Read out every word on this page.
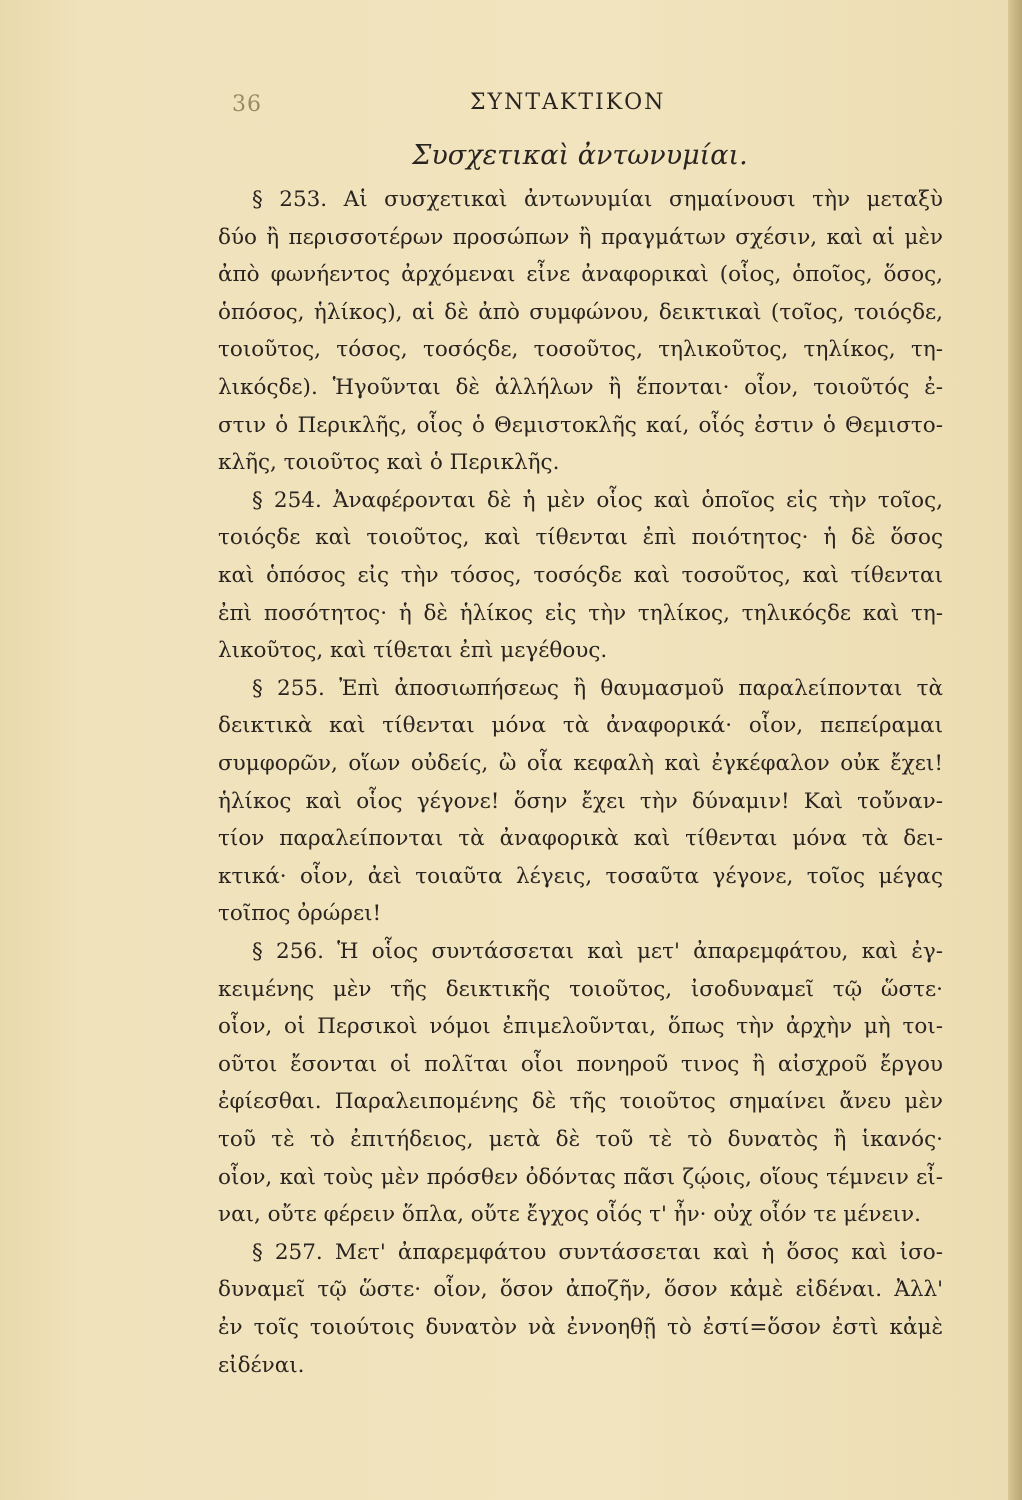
36	ΣΥΝΤΑΚΤΙΚΟΝ
Συσχετικαὶ ἀντωνυμίαι.
§ 253. Αἱ συσχετικαὶ ἀντωνυμίαι σημαίνουσι τὴν μεταξὺ
δύο ἢ περισσοτέρων προσώπων ἢ πραγμάτων σχέσιν, καὶ αἱ μὲν
ἀπὸ φωνήεντος ἀρχόμεναι εἶνε ἀναφορικαὶ (οἷος, ὁποῖος, ὅσος,
ὁπόσος, ἡλίκος), αἱ δὲ ἀπὸ συμφώνου, δεικτικαὶ (τοῖος, τοιόςδε,
τοιοῦτος, τόσος, τοσόςδε, τοσοῦτος, τηλικοῦτος, τηλίκος, τη-
λικόςδε). Ἡγοῦνται δὲ ἀλλήλων ἢ ἕπονται· οἷον, τοιοῦτός ἐ-
στιν ὁ Περικλῆς, οἷος ὁ Θεμιστοκλῆς καί, οἷός ἐστιν ὁ Θεμιστο-
κλῆς, τοιοῦτος καὶ ὁ Περικλῆς.
§ 254. Ἀναφέρονται δὲ ἡ μὲν οἷος καὶ ὁποῖος εἰς τὴν τοῖος,
τοιόςδε καὶ τοιοῦτος, καὶ τίθενται ἐπὶ ποιότητος· ἡ δὲ ὅσος
καὶ ὁπόσος εἰς τὴν τόσος, τοσόςδε καὶ τοσοῦτος, καὶ τίθενται
ἐπὶ ποσότητος· ἡ δὲ ἡλίκος εἰς τὴν τηλίκος, τηλικόςδε καὶ τη-
λικοῦτος, καὶ τίθεται ἐπὶ μεγέθους.
§ 255. Ἐπὶ ἀποσιωπήσεως ἢ θαυμασμοῦ παραλείπονται τὰ
δεικτικὰ καὶ τίθενται μόνα τὰ ἀναφορικά· οἷον, πεπείραμαι
συμφορῶν, οἵων οὐδείς, ὢ οἷα κεφαλὴ καὶ ἐγκέφαλον οὐκ ἔχει!
ἡλίκος καὶ οἷος γέγονε! ὅσην ἔχει τὴν δύναμιν! Καὶ τοὔναν-
τίον παραλείπονται τὰ ἀναφορικὰ καὶ τίθενται μόνα τὰ δει-
κτικά· οἷον, ἀεὶ τοιαῦτα λέγεις, τοσαῦτα γέγονε, τοῖος μέγας
τοῖπος ὀρώρει!
§ 256. Ἡ οἷος συντάσσεται καὶ μετ' ἀπαρεμφάτου, καὶ ἐγ-
κειμένης μὲν τῆς δεικτικῆς τοιοῦτος, ἰσοδυναμεῖ τῷ ὥστε·
οἷον, οἱ Περσικοὶ νόμοι ἐπιμελοῦνται, ὅπως τὴν ἀρχὴν μὴ τοι-
οῦτοι ἔσονται οἱ πολῖται οἷοι πονηροῦ τινος ἢ αἰσχροῦ ἔργου
ἐφίεσθαι. Παραλειπομένης δὲ τῆς τοιοῦτος σημαίνει ἄνευ μὲν
τοῦ τὲ τὸ ἐπιτήδειος, μετὰ δὲ τοῦ τὲ τὸ δυνατὸς ἢ ἱκανός·
οἷον, καὶ τοὺς μὲν πρόσθεν ὀδόντας πᾶσι ζῴοις, οἵους τέμνειν εἶ-
ναι, οὔτε φέρειν ὅπλα, οὔτε ἔγχος οἷός τ' ἦν· οὐχ οἷόν τε μένειν.
§ 257. Μετ' ἀπαρεμφάτου συντάσσεται καὶ ἡ ὅσος καὶ ἰσο-
δυναμεῖ τῷ ὥστε· οἷον, ὅσον ἀποζῆν, ὅσον κἀμὲ εἰδέναι. Ἀλλ'
ἐν τοῖς τοιούτοις δυνατὸν νὰ ἐννοηθῇ τὸ ἐστί=ὅσον ἐστὶ κἀμὲ
εἰδέναι.
